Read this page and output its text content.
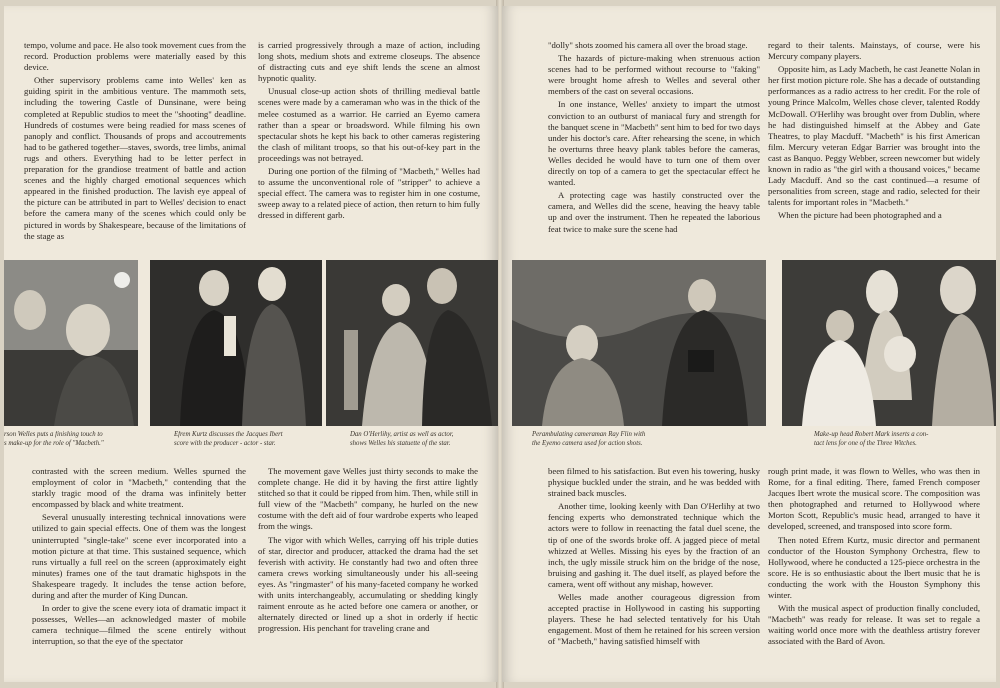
tempo, volume and pace. He also took movement cues from the record. Production problems were materially eased by this device.

Other supervisory problems came into Welles' ken as guiding spirit in the ambitious venture. The mammoth sets, including the towering Castle of Dunsinane, were being completed at Republic studios to meet the "shooting" deadline. Hundreds of costumes were being readied for mass scenes of panoply and conflict. Thousands of props and accoutrements had to be gathered together—staves, swords, tree limbs, animal rugs and others. Everything had to be letter perfect in preparation for the grandiose treatment of battle and action scenes and the highly charged emotional sequences which appeared in the finished production. The lavish eye appeal of the picture can be attributed in part to Welles' decision to enact before the camera many of the scenes which could only be pictured in words by Shakespeare, because of the limitations of the stage as

is carried progressively through a maze of action, including long shots, medium shots and extreme closeups. The absence of distracting cuts and eye shift lends the scene an almost hypnotic quality.

Unusual close-up action shots of thrilling medieval battle scenes were made by a cameraman who was in the thick of the melee costumed as a warrior. He carried an Eyemo camera rather than a spear or broadsword. While filming his own spectacular shots he kept his back to other cameras registering the clash of militant troops, so that his out-of-key part in the proceedings was not betrayed.

During one portion of the filming of "Macbeth," Welles had to assume the unconventional role of "stripper" to achieve a special effect. The camera was to register him in one costume, sweep away to a related piece of action, then return to him fully dressed in different garb.

rson Welles puts a finishing touch to
s make-up for the role of "Macbeth."
Efrem Kurtz discusses the Jacques Ibert
score with the producer - actor - star.
Dan O'Herlihy, artist as well as actor,
shows Welles his statuette of the star.

contrasted with the screen medium. Welles spurned the employment of color in "Macbeth," contending that the starkly tragic mood of the drama was infinitely better encompassed by black and white treatment.

Several unusually interesting technical innovations were utilized to gain special effects. One of them was the longest uninterrupted "single-take" scene ever incorporated into a motion picture at that time. This sustained sequence, which runs virtually a full reel on the screen (approximately eight minutes) frames one of the taut dramatic highspots in the Shakespeare tragedy. It includes the tense action before, during and after the murder of King Duncan.

In order to give the scene every iota of dramatic impact it possesses, Welles—an acknowledged master of mobile camera technique—filmed the scene entirely without interruption, so that the eye of the spectator

The movement gave Welles just thirty seconds to make the complete change. He did it by having the first attire lightly stitched so that it could be ripped from him. Then, while still in full view of the "Macbeth" company, he hurled on the new costume with the deft aid of four wardrobe experts who leaped from the wings.

The vigor with which Welles, carrying off his triple duties of star, director and producer, attacked the drama had the set feverish with activity. He constantly had two and often three camera crews working simultaneously under his all-seeing eyes. As "ringmaster" of his many-faceted company he worked with units interchangeably, accumulating or shedding kingly raiment enroute as he acted before one camera or another, or alternately directed or lined up a shot in orderly if hectic progression. His penchant for traveling crane and

"dolly" shots zoomed his camera all over the broad stage.

The hazards of picture-making when strenuous action scenes had to be performed without recourse to "faking" were brought home afresh to Welles and several other members of the cast on several occasions.

In one instance, Welles' anxiety to impart the utmost conviction to an outburst of maniacal fury and strength for the banquet scene in "Macbeth" sent him to bed for two days under his doctor's care. After rehearsing the scene, in which he overturns three heavy plank tables before the cameras, Welles decided he would have to turn one of them over directly on top of a camera to get the spectacular effect he wanted.

A protecting cage was hastily constructed over the camera, and Welles did the scene, heaving the heavy table up and over the instrument. Then he repeated the laborious feat twice to make sure the scene had

regard to their talents. Mainstays, of course, were his Mercury company players.

Opposite him, as Lady Macbeth, he cast Jeanette Nolan in her first motion picture role. She has a decade of outstanding performances as a radio actress to her credit. For the role of young Prince Malcolm, Welles chose clever, talented Roddy McDowall. O'Herlihy was brought over from Dublin, where he had distinguished himself at the Abbey and Gate Theatres, to play Macduff. "Macbeth" is his first American film. Mercury veteran Edgar Barrier was brought into the cast as Banquo. Peggy Webber, screen newcomer but widely known in radio as "the girl with a thousand voices," became Lady Macduff. And so the cast continued—a resume of personalities from screen, stage and radio, selected for their talents for important roles in "Macbeth."

When the picture had been photographed and a

Perambulating cameraman Ray Flin with
the Eyemo camera used for action shots.
Make-up head Robert Mark inserts a con-
tact lens for one of the Three Witches.

been filmed to his satisfaction. But even his towering, husky physique buckled under the strain, and he was bedded with strained back muscles.

Another time, looking keenly with Dan O'Herlihy at two fencing experts who demonstrated technique which the actors were to follow in reenacting the fatal duel scene, the tip of one of the swords broke off. A jagged piece of metal whizzed at Welles. Missing his eyes by the fraction of an inch, the ugly missile struck him on the bridge of the nose, bruising and gashing it. The duel itself, as played before the camera, went off without any mishap, however.

Welles made another courageous digression from accepted practise in Hollywood in casting his supporting players. These he had selected tentatively for his Utah engagement. Most of them he retained for his screen version of "Macbeth," having satisfied himself with

rough print made, it was flown to Welles, who was then in Rome, for a final editing. There, famed French composer Jacques Ibert wrote the musical score. The composition was then photographed and returned to Hollywood where Morton Scott, Republic's music head, arranged to have it developed, screened, and transposed into score form.

Then noted Efrem Kurtz, music director and permanent conductor of the Houston Symphony Orchestra, flew to Hollywood, where he conducted a 125-piece orchestra in the score. He is so enthusiastic about the Ibert music that he is conducting the work with the Houston Symphony this winter.

With the musical aspect of production finally concluded, "Macbeth" was ready for release. It was set to regale a waiting world once more with the deathless artistry forever associated with the Bard of Avon.
